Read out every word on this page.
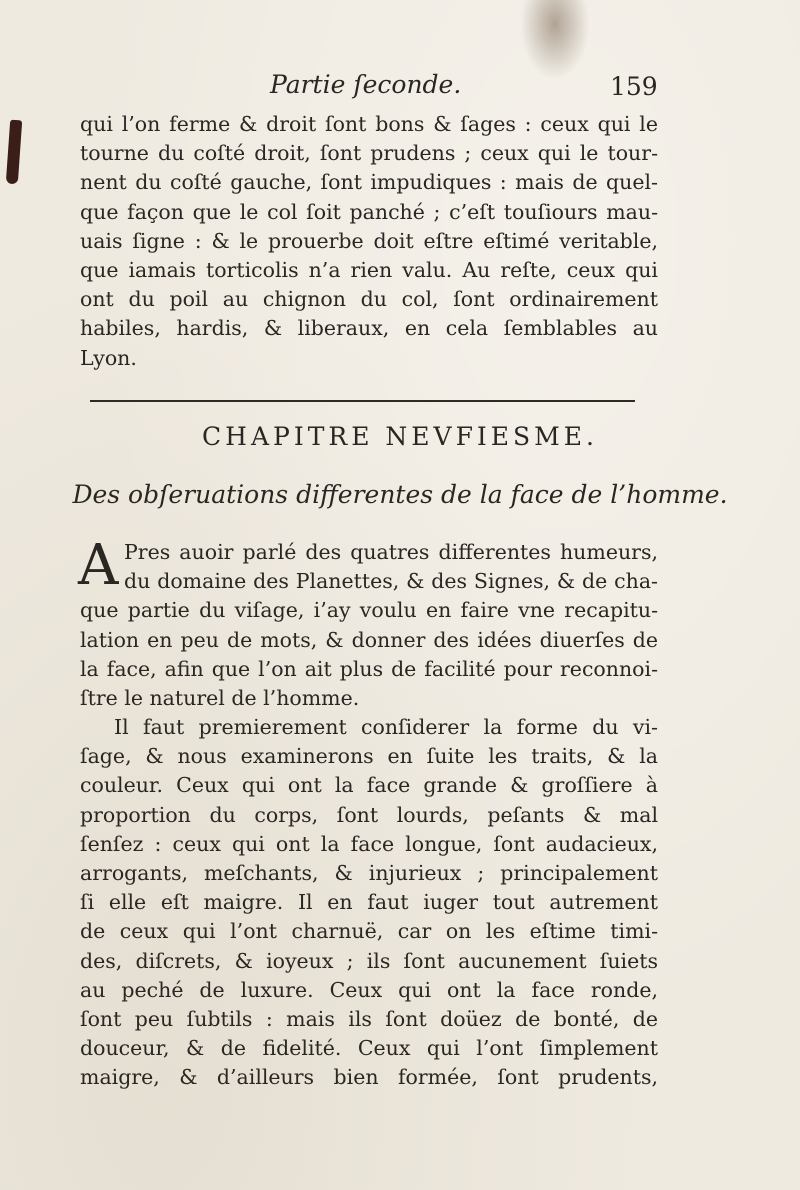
Partie ſeconde.	159
qui l’on ferme & droit ſont bons & ſages : ceux qui le
tourne du coſté droit, ſont prudens ; ceux qui le tour-
nent du coſté gauche, ſont impudiques : mais de quel-
que façon que le col ſoit panché ; c’eſt touſiours mau-
uais ſigne : & le prouerbe doit eſtre eſtimé veritable,
que iamais torticolis n’a rien valu. Au reſte, ceux qui
ont du poil au chignon du col, ſont ordinairement
habiles, hardis, & liberaux, en cela ſemblables au
Lyon.
CHAPITRE NEVFIESME.
Des obſeruations differentes de la face de l’homme.
A Pres auoir parlé des quatres differentes humeurs,
du domaine des Planettes, & des Signes, & de cha-
que partie du viſage, i’ay voulu en faire vne recapitu-
lation en peu de mots, & donner des idées diuerſes de
la face, afin que l’on ait plus de facilité pour reconnoi-
ſtre le naturel de l’homme.
Il faut premierement conſiderer la forme du vi-
ſage, & nous examinerons en ſuite les traits, & la
couleur. Ceux qui ont la face grande & groſſiere à
proportion du corps, ſont lourds, peſants & mal
ſenſez : ceux qui ont la face longue, ſont audacieux,
arrogants, meſchants, & injurieux ; principalement
ſi elle eſt maigre. Il en faut iuger tout autrement
de ceux qui l’ont charnuë, car on les eſtime timi-
des, diſcrets, & ioyeux ; ils ſont aucunement ſuiets
au peché de luxure. Ceux qui ont la face ronde,
ſont peu ſubtils : mais ils ſont doüez de bonté, de
douceur, & de fidelité. Ceux qui l’ont ſimplement
maigre, & d’ailleurs bien formée, ſont prudents,
